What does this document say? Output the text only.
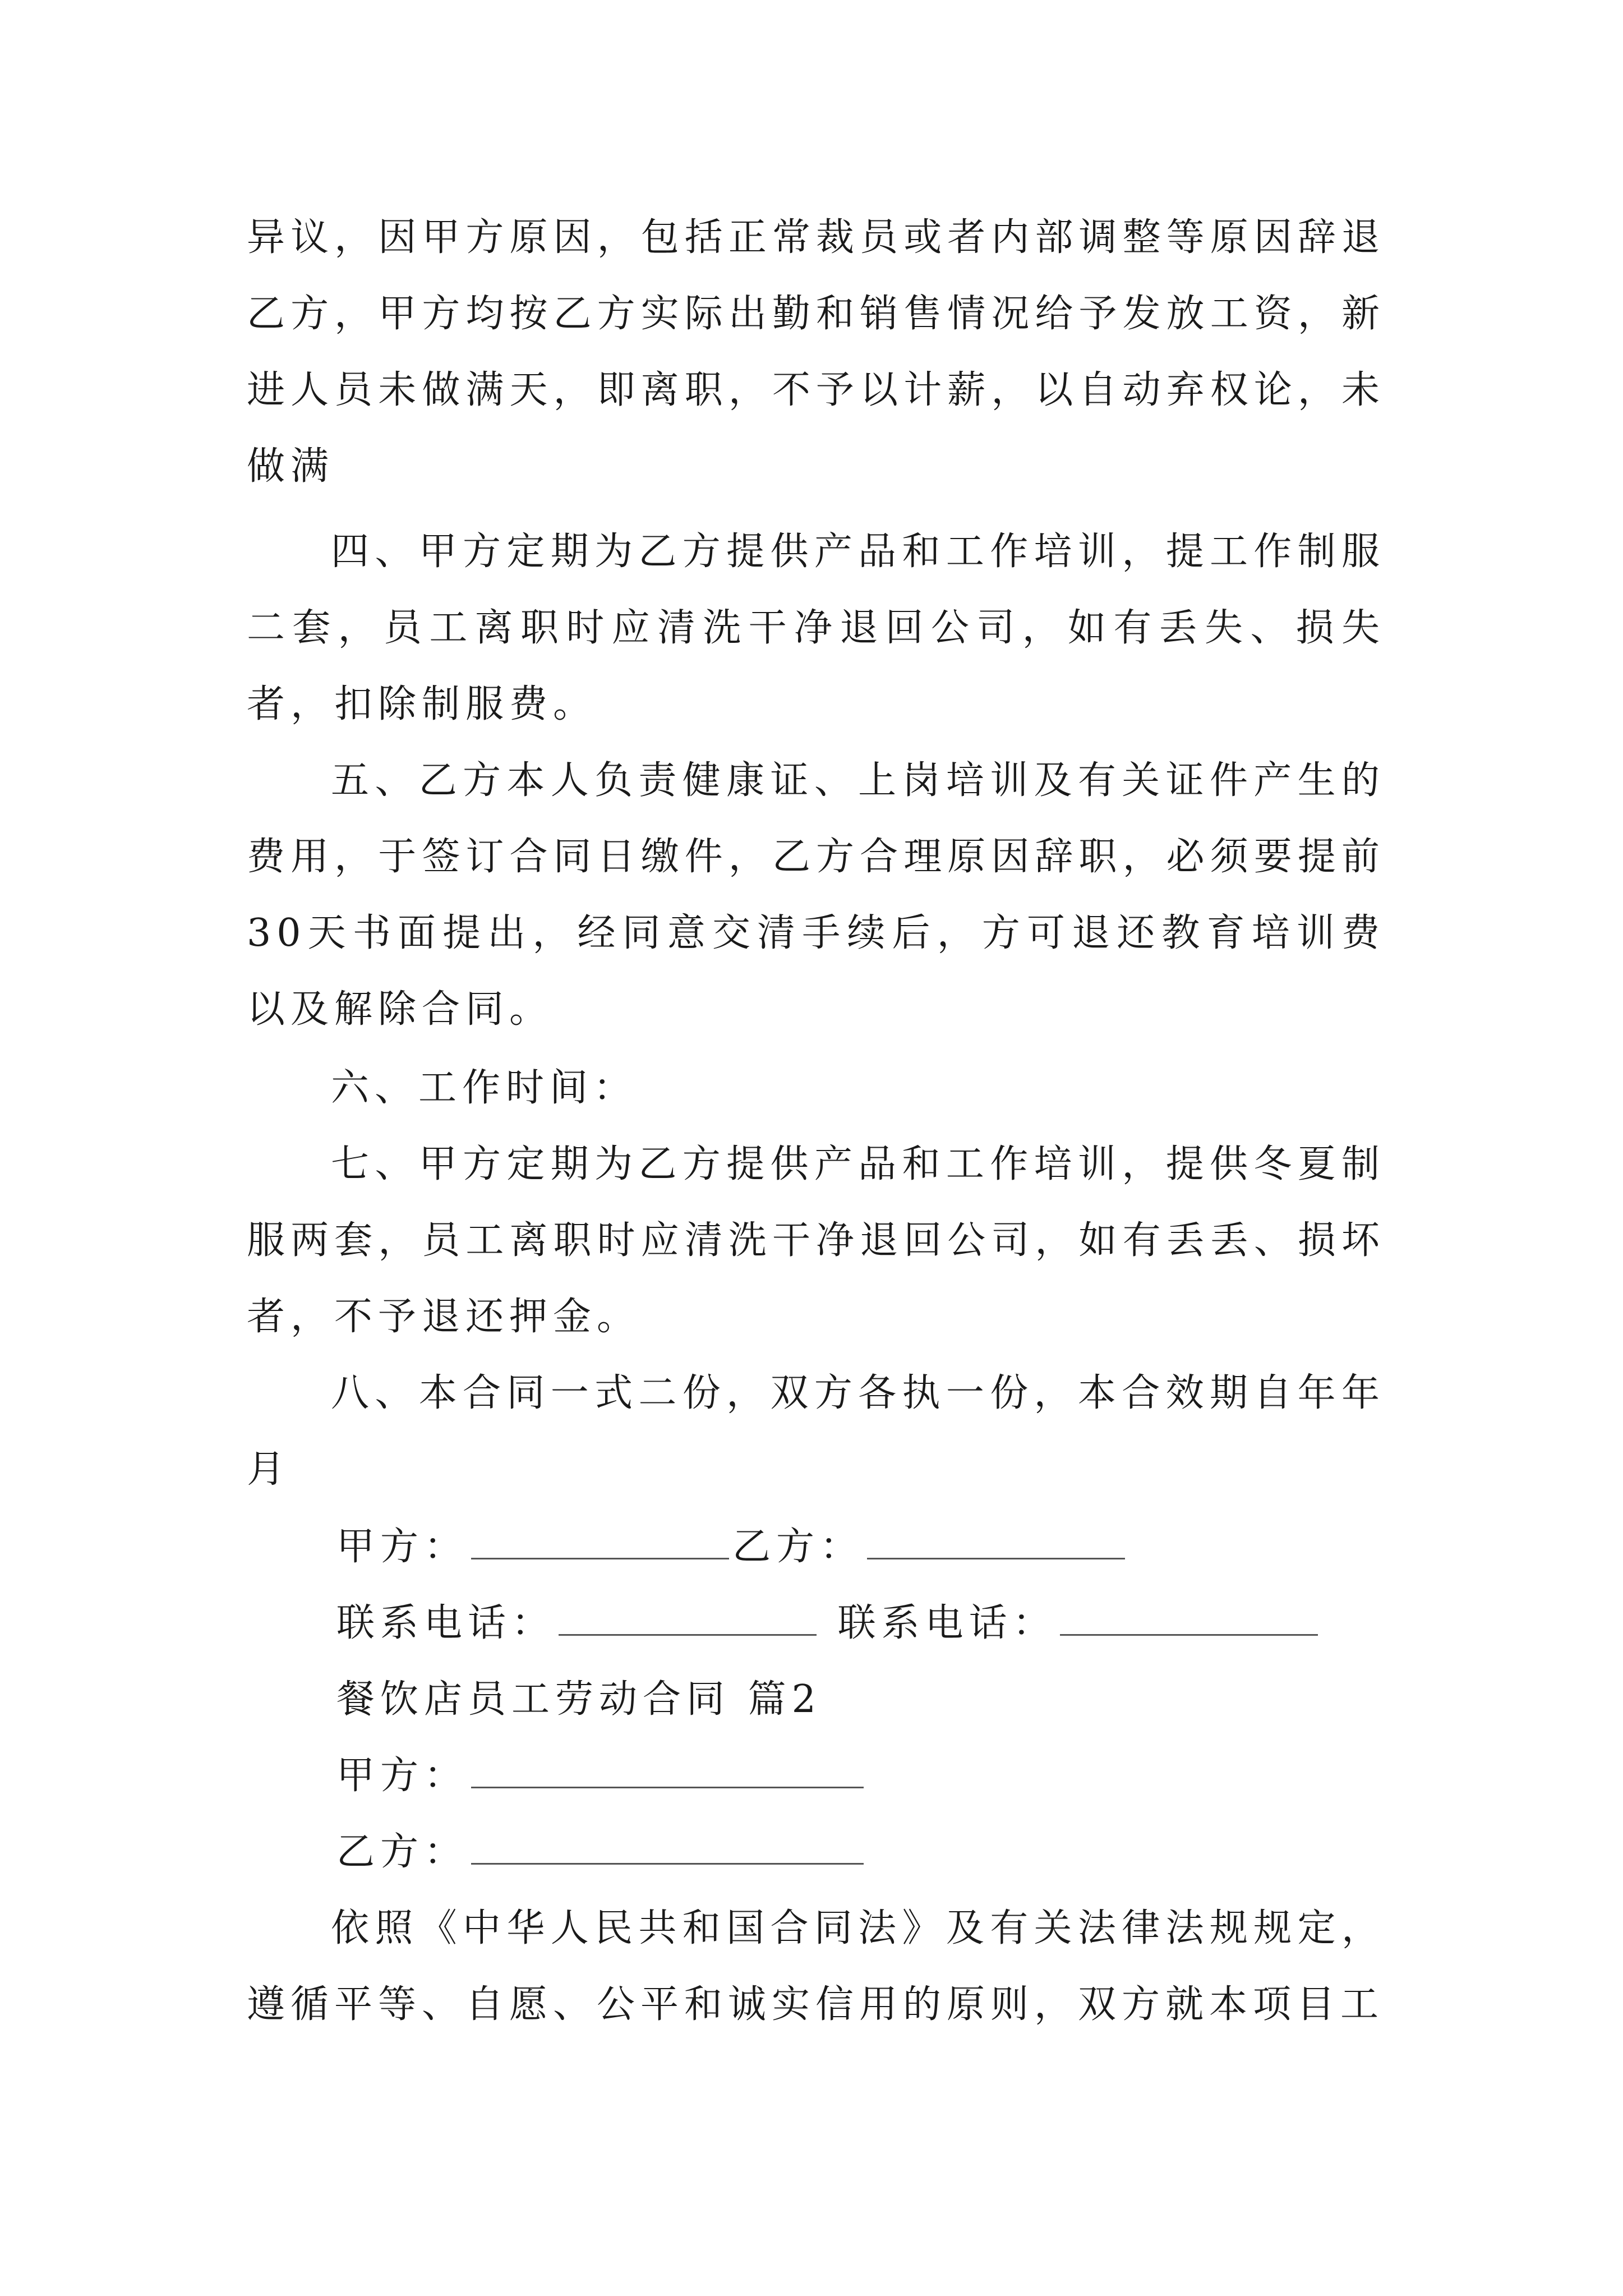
异议，因甲方原因，包括正常裁员或者内部调整等原因辞退乙方，甲方均按乙方实际出勤和销售情况给予发放工资，新进人员未做满天，即离职，不予以计薪，以自动弃权论，未做满

四、甲方定期为乙方提供产品和工作培训，提工作制服二套，员工离职时应清洗干净退回公司，如有丢失、损失者，扣除制服费。

五、乙方本人负责健康证、上岗培训及有关证件产生的费用，于签订合同日缴件，乙方合理原因辞职，必须要提前30天书面提出，经同意交清手续后，方可退还教育培训费以及解除合同。

六、工作时间：

七、甲方定期为乙方提供产品和工作培训，提供冬夏制服两套，员工离职时应清洗干净退回公司，如有丢丢、损坏者，不予退还押金。

八、本合同一式二份，双方各执一份，本合效期自年年月

甲方：	乙方：
联系电话：	联系电话：
餐饮店员工劳动合同 篇2
甲方：
乙方：

依照《中华人民共和国合同法》及有关法律法规规定，遵循平等、自愿、公平和诚实信用的原则，双方就本项目工
